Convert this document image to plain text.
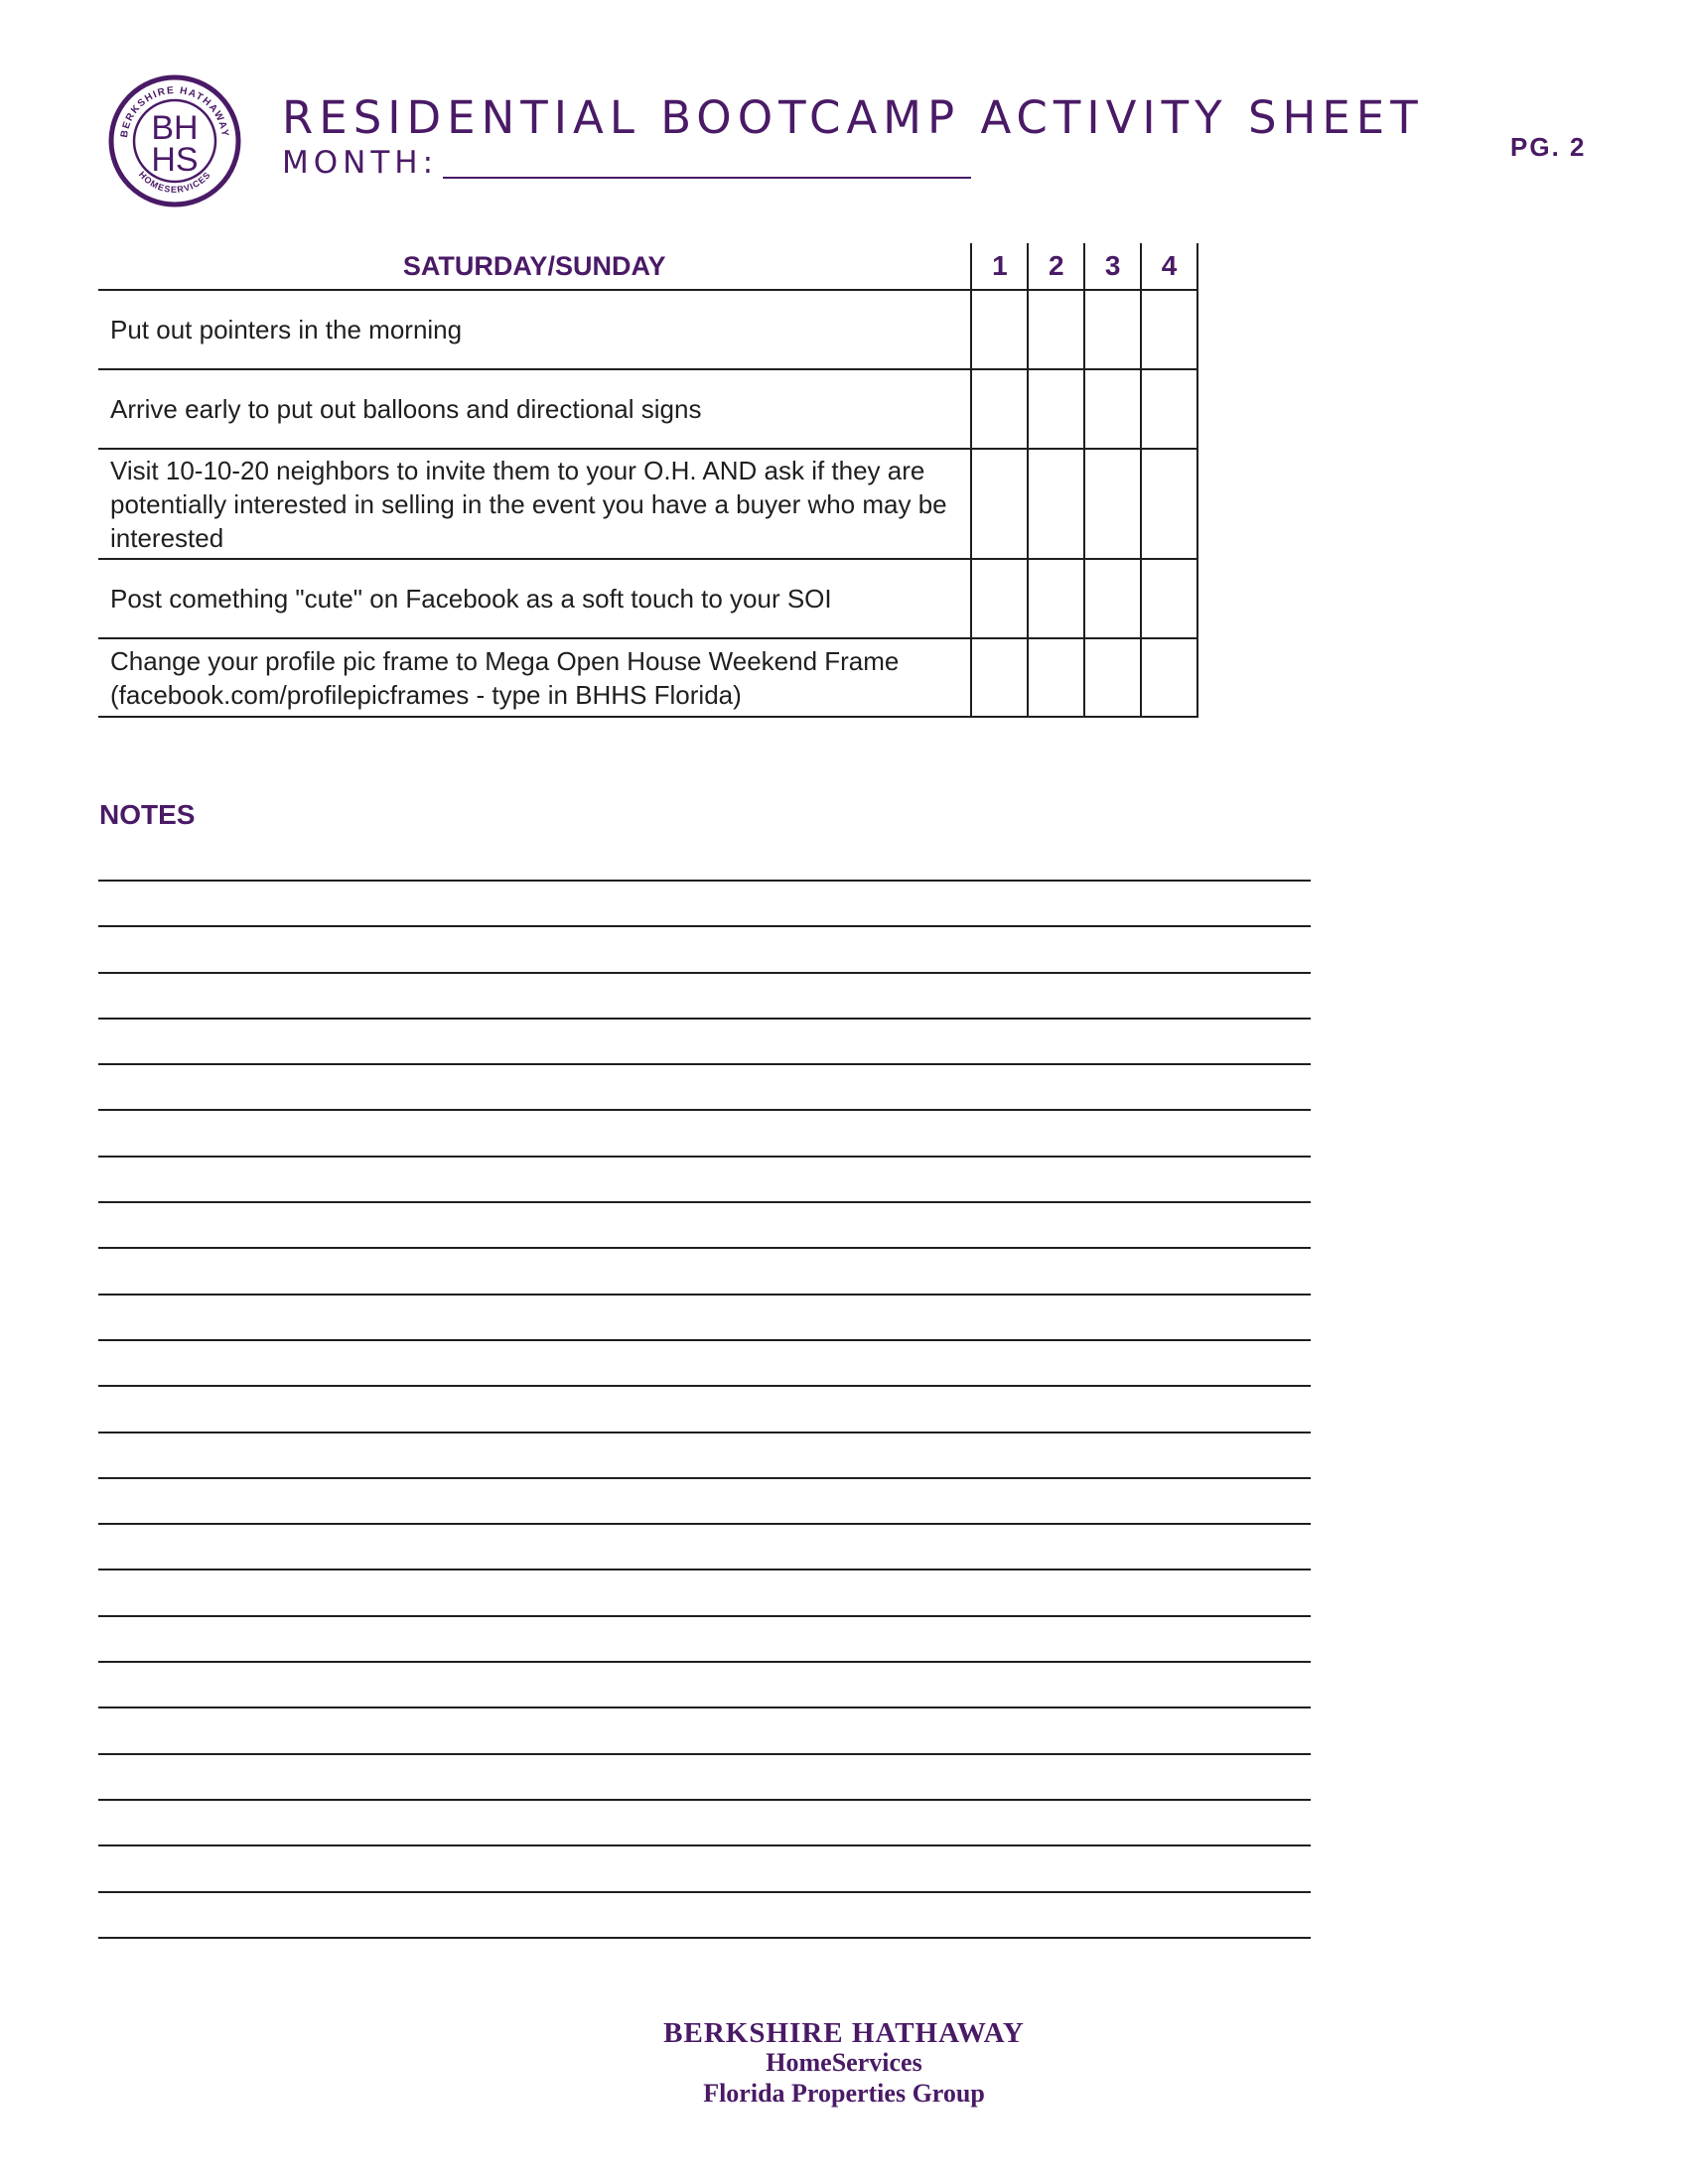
BERKSHIRE HATHAWAY
HOMESERVICES
BH
HS
RESIDENTIAL BOOTCAMP ACTIVITY SHEET
MONTH:	PG. 2
SATURDAY/SUNDAY	1	2	3	4
Put out pointers in the morning
Arrive early to put out balloons and directional signs
Visit 10-10-20 neighbors to invite them to your O.H. AND ask if they are potentially interested in selling in the event you have a buyer who may be interested
Post comething "cute" on Facebook as a soft touch to your SOI
Change your profile pic frame to Mega Open House Weekend Frame (facebook.com/profilepicframes - type in BHHS Florida)
NOTES
BERKSHIRE HATHAWAY
HomeServices
Florida Properties Group
